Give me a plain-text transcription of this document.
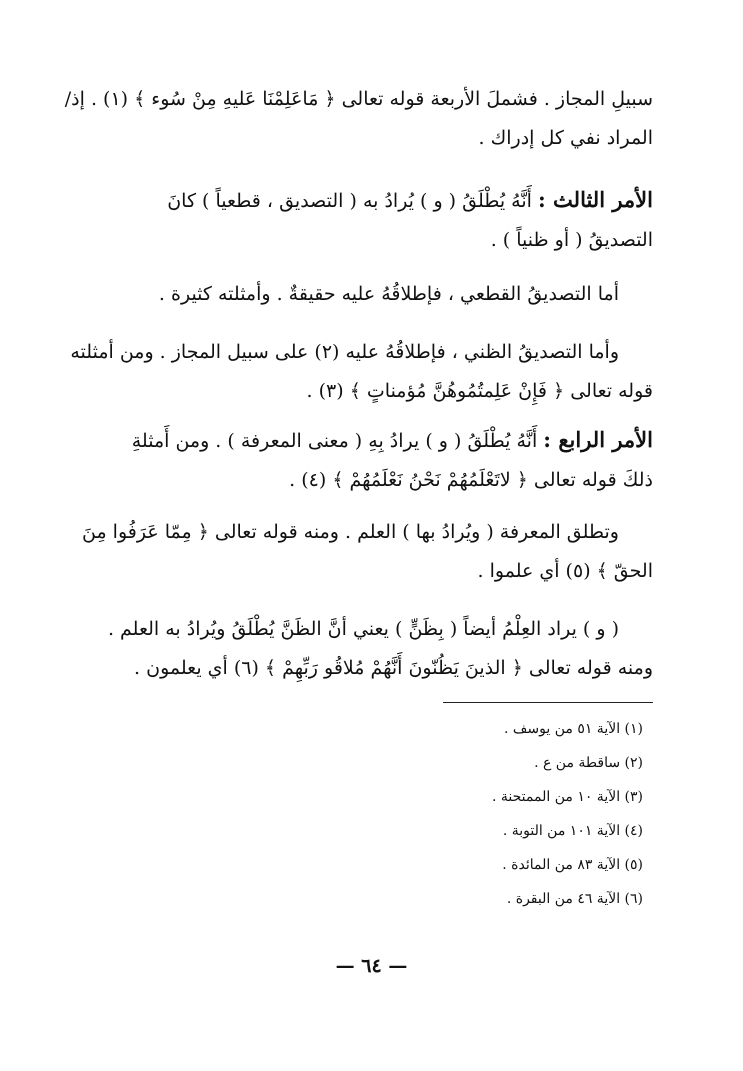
سبيلِ المجاز . فشملَ الأربعة قوله تعالى ﴿ مَاعَلِمْنَا عَليهِ مِنْ سُوء ﴾ (١) . إذ/
المراد نفي كل إدراك .
الأمر الثالث : أَنَّهُ يُطْلَقُ ( و ) يُرادُ به ( التصديق ، قطعياً ) كانَ
التصديقُ ( أو ظنياً ) .
أما التصديقُ القطعي ، فإطلاقُهُ عليه حقيقةٌ . وأمثلته كثيرة .
وأما التصديقُ الظني ، فإطلاقُهُ عليه (٢) على سبيل المجاز . ومن أمثلته
قوله تعالى ﴿ فَإِنْ عَلِمتُمُوهُنَّ مُؤمناتٍ ﴾ (٣) .
الأمر الرابع : أَنَّهُ يُطْلَقُ ( و ) يرادُ بِهِ ( معنى المعرفة ) . ومن أَمثلةِ
ذلكَ قوله تعالى ﴿ لاتَعْلَمُهُمْ نَحْنُ نَعْلَمُهُمْ ﴾ (٤) .
وتطلق المعرفة ( ويُرادُ بها ) العلم . ومنه قوله تعالى ﴿ مِمّا عَرَفُوا مِنَ
الحقّ ﴾ (٥) أي علموا .
( و ) يراد العِلْمُ أيضاً ( بِظَنٍّ ) يعني أنَّ الظَنَّ يُطْلَقُ ويُرادُ به العلم .
ومنه قوله تعالى ﴿ الذينَ يَظُنّونَ أَنَّهُمْ مُلاقُو رَبِّهِمْ ﴾ (٦) أي يعلمون .
(١) الآية ٥١ من يوسف .
(٢) ساقطة من ع .
(٣) الآية ١٠ من الممتحنة .
(٤) الآية ١٠١ من التوبة .
(٥) الآية ٨٣ من المائدة .
(٦) الآية ٤٦ من البقرة .
— ٦٤ —
